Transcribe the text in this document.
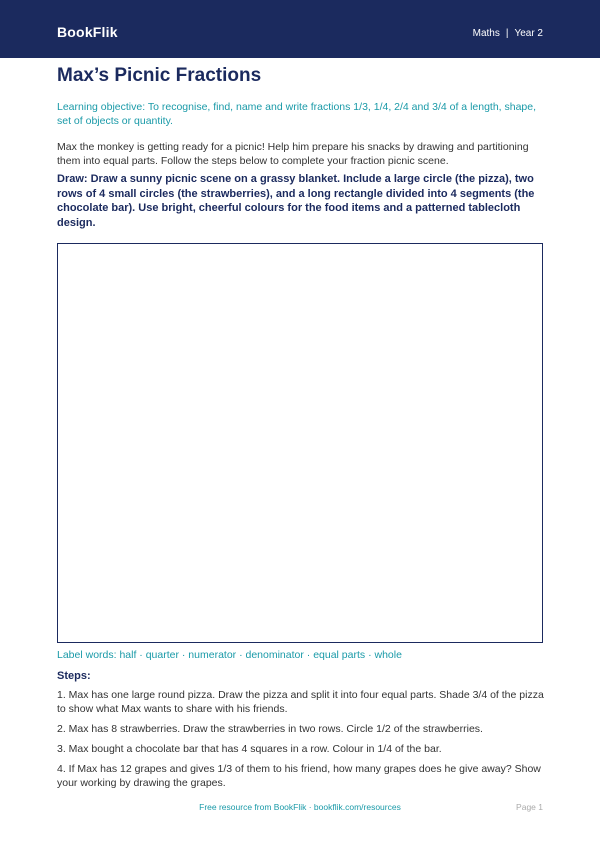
BookFlik	Maths | Year 2
Max’s Picnic Fractions
Learning objective: To recognise, find, name and write fractions 1/3, 1/4, 2/4 and 3/4 of a length, shape, set of objects or quantity.
Max the monkey is getting ready for a picnic! Help him prepare his snacks by drawing and partitioning them into equal parts. Follow the steps below to complete your fraction picnic scene.
Draw: Draw a sunny picnic scene on a grassy blanket. Include a large circle (the pizza), two rows of 4 small circles (the strawberries), and a long rectangle divided into 4 segments (the chocolate bar). Use bright, cheerful colours for the food items and a patterned tablecloth design.
Label words: half · quarter · numerator · denominator · equal parts · whole
Steps:
1. Max has one large round pizza. Draw the pizza and split it into four equal parts. Shade 3/4 of the pizza to show what Max wants to share with his friends.
2. Max has 8 strawberries. Draw the strawberries in two rows. Circle 1/2 of the strawberries.
3. Max bought a chocolate bar that has 4 squares in a row. Colour in 1/4 of the bar.
4. If Max has 12 grapes and gives 1/3 of them to his friend, how many grapes does he give away? Show your working by drawing the grapes.
Free resource from BookFlik · bookflik.com/resources	Page 1
